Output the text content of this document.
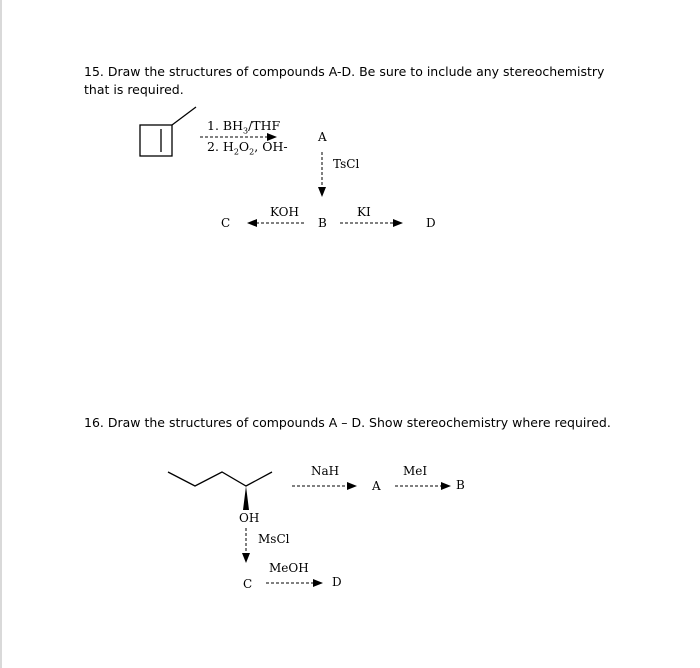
15. Draw the structures of compounds A-D. Be sure to include any stereochemistry that is required.
1. $BH_3$/THF
2. $H_2O_2$, OH-
A
TsCl
B
KOH
C
KI
D
16. Draw the structures of compounds A – D. Show stereochemistry where required.
OH
NaH
A
MeI
B
MsCl
MeOH
C	D
